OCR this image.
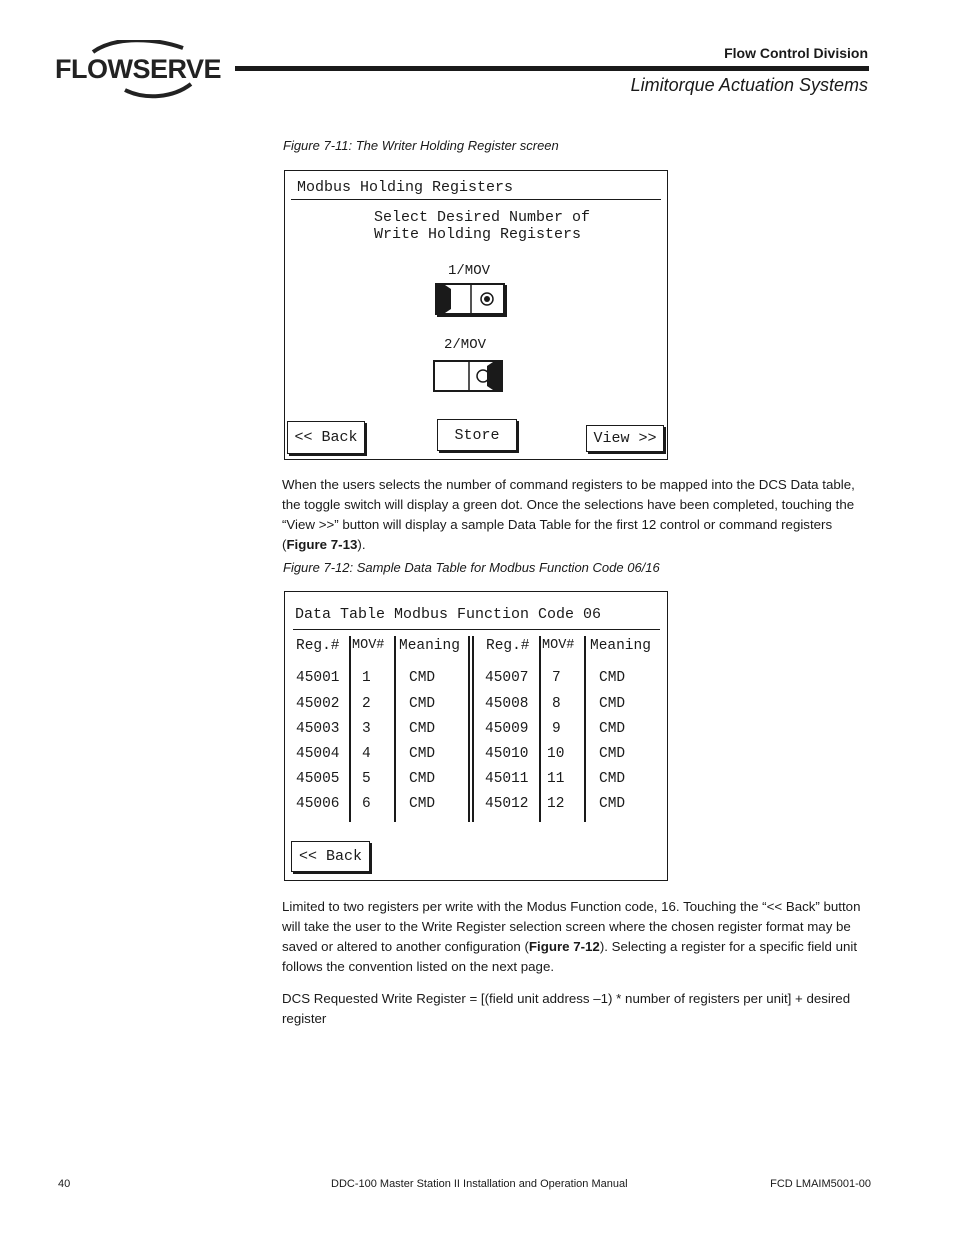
FLOWSERVE
Flow Control Division
Limitorque Actuation Systems
Figure 7-11: The Writer Holding Register screen
Modbus Holding Registers
Select Desired Number of
Write Holding Registers
1/MOV
2/MOV
<< Back	Store	View >>
When the users selects the number of command registers to be mapped into the DCS Data table, the toggle switch will display a green dot. Once the selections have been completed, touching the “View >>” button will display a sample Data Table for the first 12 control or command registers (Figure 7-13).
Figure 7-12: Sample Data Table for Modbus Function Code 06/16
Data Table Modbus Function Code 06
Reg.# MOV# Meaning Reg.# MOV# Meaning
45001 1	CMD	45007 7	CMD
45002 2	CMD	45008 8	CMD
45003 3	CMD	45009 9	CMD
45004 4	CMD	45010 10 CMD
45005 5	CMD	45011 11 CMD
45006 6	CMD	45012 12 CMD
<< Back
Limited to two registers per write with the Modus Function code, 16. Touching the “<< Back” button will take the user to the Write Register selection screen where the chosen register format may be saved or altered to another configuration (Figure 7-12). Selecting a register for a specific field unit follows the convention listed on the next page.
DCS Requested Write Register = [(field unit address –1) * number of registers per unit] + desired register
40	DDC-100 Master Station II Installation and Operation Manual	FCD LMAIM5001-00
